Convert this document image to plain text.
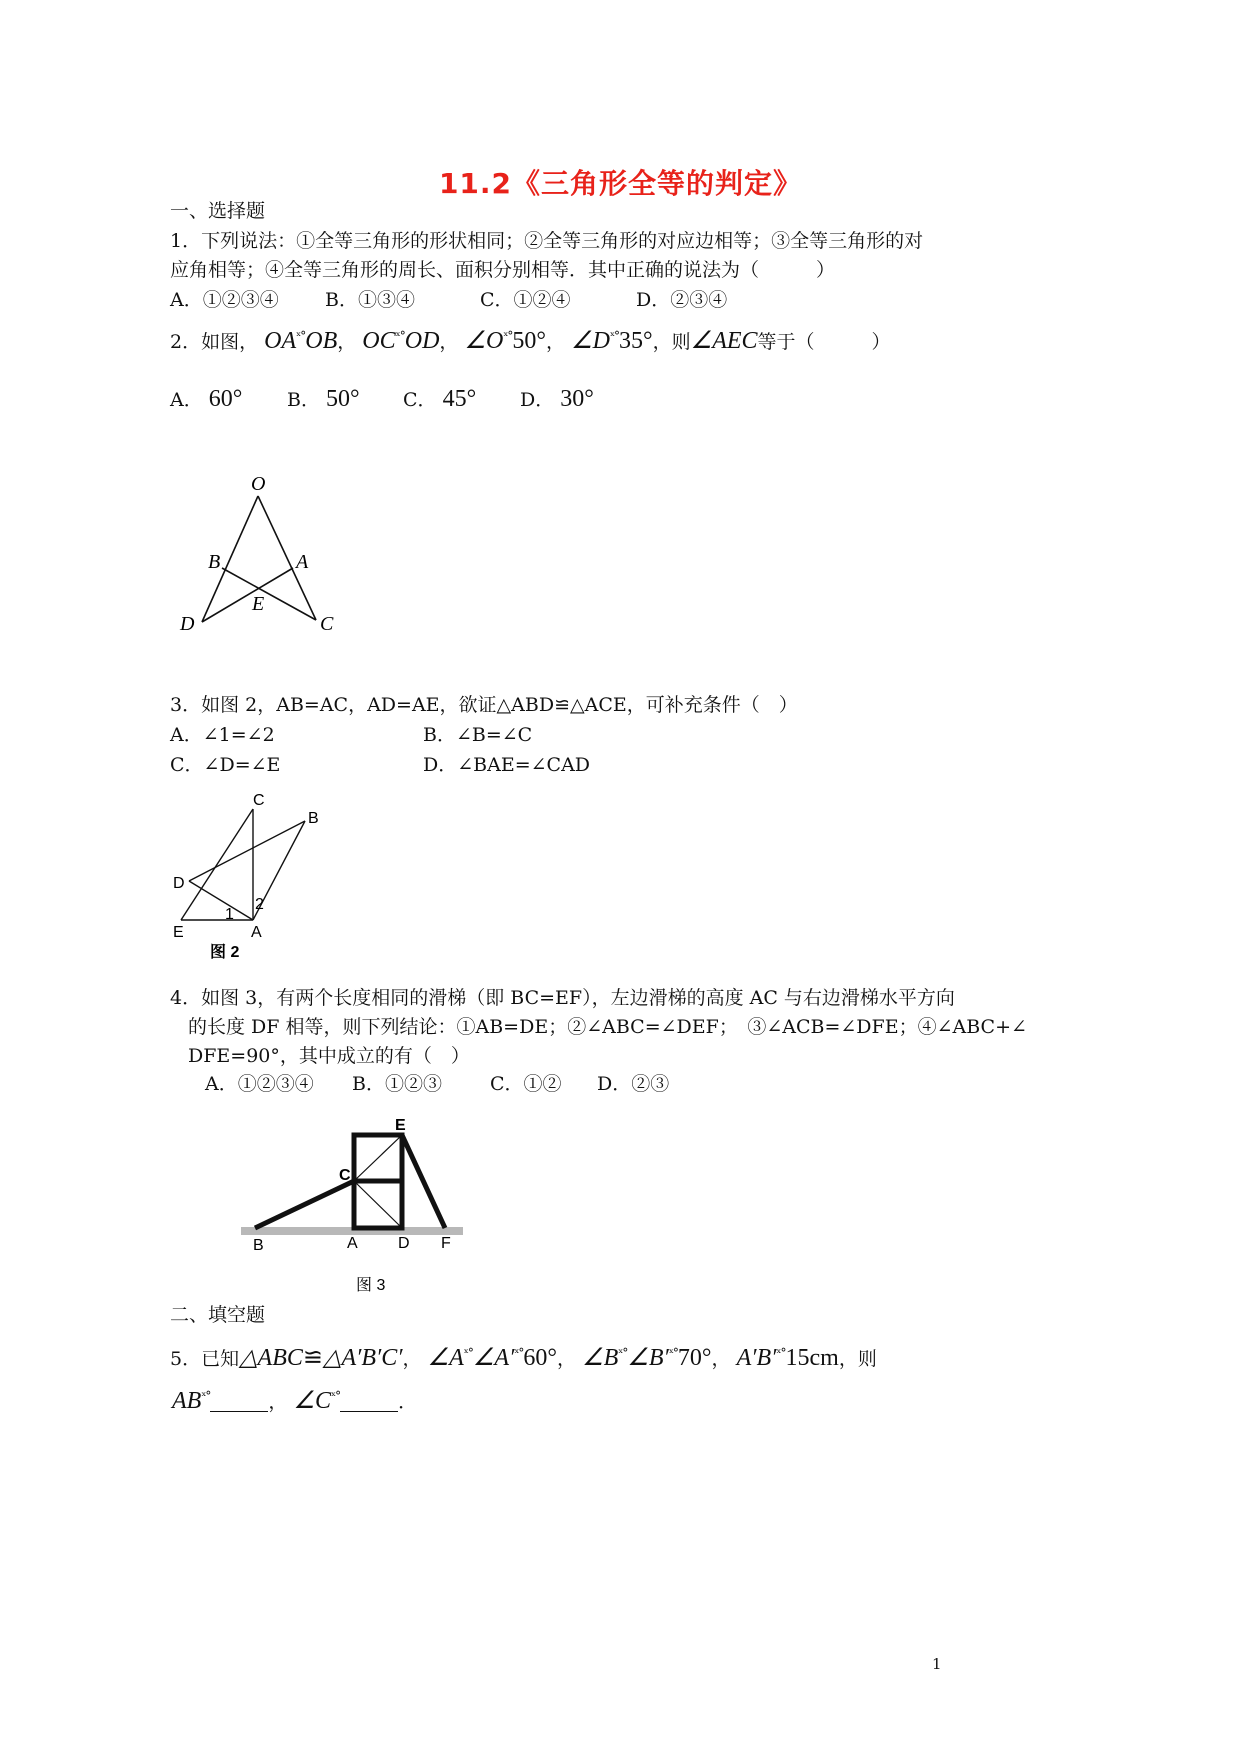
11.2《三角形全等的判定》
一、选择题
1．下列说法：①全等三角形的形状相同；②全等三角形的对应边相等；③全等三角形的对
应角相等；④全等三角形的周长、面积分别相等．其中正确的说法为（　　　）
A．①②③④ B．①③④	C．①②④	D．②③④
2．如图， $OA^{ˣ^\circ}OB$， $OC^{ˣ^\circ}OD$， $\angle O^{ˣ^\circ}50^\circ$， $\angle D^{ˣ^\circ}35^\circ$，则∠AEC等于（　　　）
A． 60° B． 50° C． 45° D． 30°
O
B	A
E
D	C
3．如图 2，AB=AC，AD=AE，欲证△ABD≌△ACE，可补充条件（　）
A．∠1=∠2	B．∠B=∠C
C．∠D=∠E	D．∠BAE=∠CAD
C
B
D
1
2
E	A
图 2
4．如图 3，有两个长度相同的滑梯（即 BC=EF），左边滑梯的高度 AC 与右边滑梯水平方向
的长度 DF 相等，则下列结论：①AB=DE；②∠ABC=∠DEF；　③∠ACB=∠DFE；④∠ABC+∠
DFE=90°，其中成立的有（　）
A．①②③④ B．①②③	C．①② D．②③
E
C
B	A	D F
图 3
二、填空题
5．已知△ABC≌△A′B′C′， $\angle A^{ˣ^\circ}\angle A'^{ˣ^\circ}60^\circ$， $\angle B^{ˣ^\circ}\angle B'^{ˣ^\circ}70^\circ$， $A'B'^{ˣ^\circ}15cm$，则
$AB^{ˣ^\circ}$	， $\angle C^{ˣ^\circ}$	．
1
